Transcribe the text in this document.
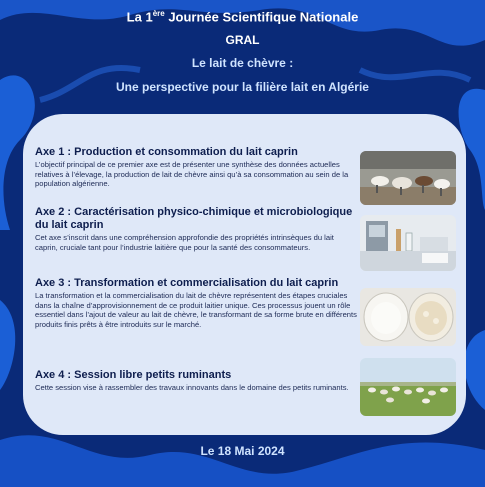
La 1ère Journée Scientifique Nationale
GRAL
Le lait de chèvre :
Une perspective pour la filière lait en Algérie
Axe 1 : Production et consommation du lait caprin
L’objectif principal de ce premier axe est de présenter une synthèse des données actuelles relatives à l’élevage, la production de lait de chèvre ainsi qu’à sa consommation au sein de la population algérienne.
Axe 2 : Caractérisation physico-chimique et microbiologique du lait caprin
Cet axe s’inscrit dans une compréhension approfondie des propriétés intrinsèques du lait caprin, cruciale tant pour l’industrie laitière que pour la santé des consommateurs.
Axe 3 : Transformation et commercialisation du lait caprin
La transformation et la commercialisation du lait de chèvre représentent des étapes cruciales dans la chaîne d’approvisionnement de ce produit laitier unique. Ces processus jouent un rôle essentiel dans l’ajout de valeur au lait de chèvre, le transformant de sa forme brute en différents produits finis prêts à être introduits sur le marché.
Axe 4 : Session libre petits ruminants
Cette session vise à rassembler des travaux innovants dans le domaine des petits ruminants.
Le 18 Mai 2024
